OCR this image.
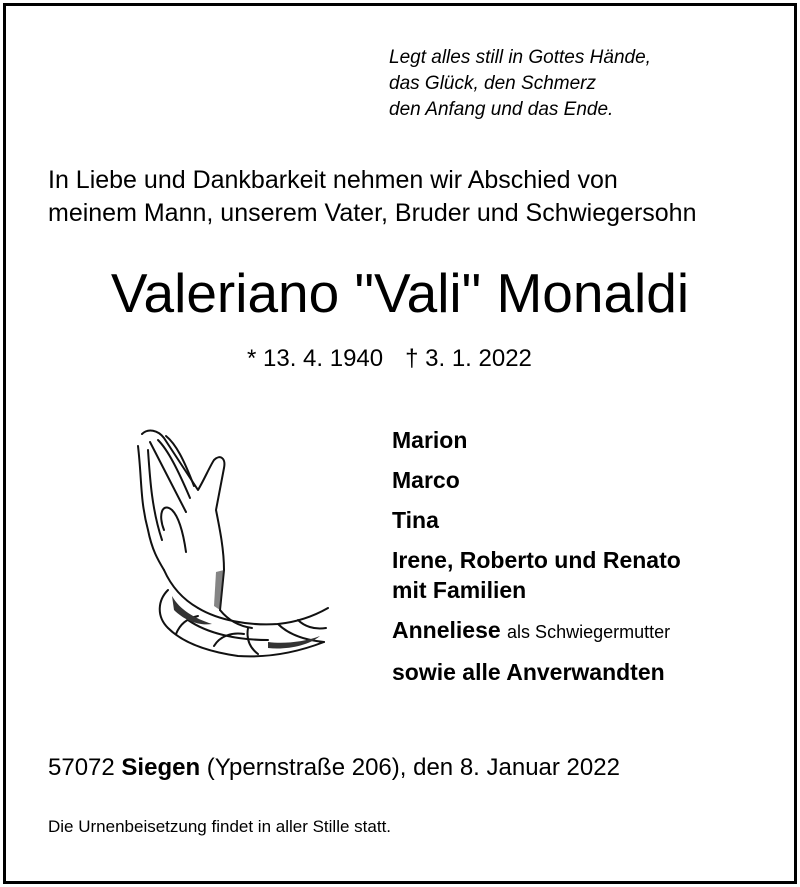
Legt alles still in Gottes Hände,
das Glück, den Schmerz
den Anfang und das Ende.
In Liebe und Dankbarkeit nehmen wir Abschied von
meinem Mann, unserem Vater, Bruder und Schwiegersohn
Valeriano "Vali" Monaldi
* 13. 4. 1940 † 3. 1. 2022
Marion
Marco
Tina
Irene, Roberto und Renato
mit Familien
Anneliese als Schwiegermutter
sowie alle Anverwandten
57072 Siegen (Ypernstraße 206), den 8. Januar 2022
Die Urnenbeisetzung findet in aller Stille statt.
